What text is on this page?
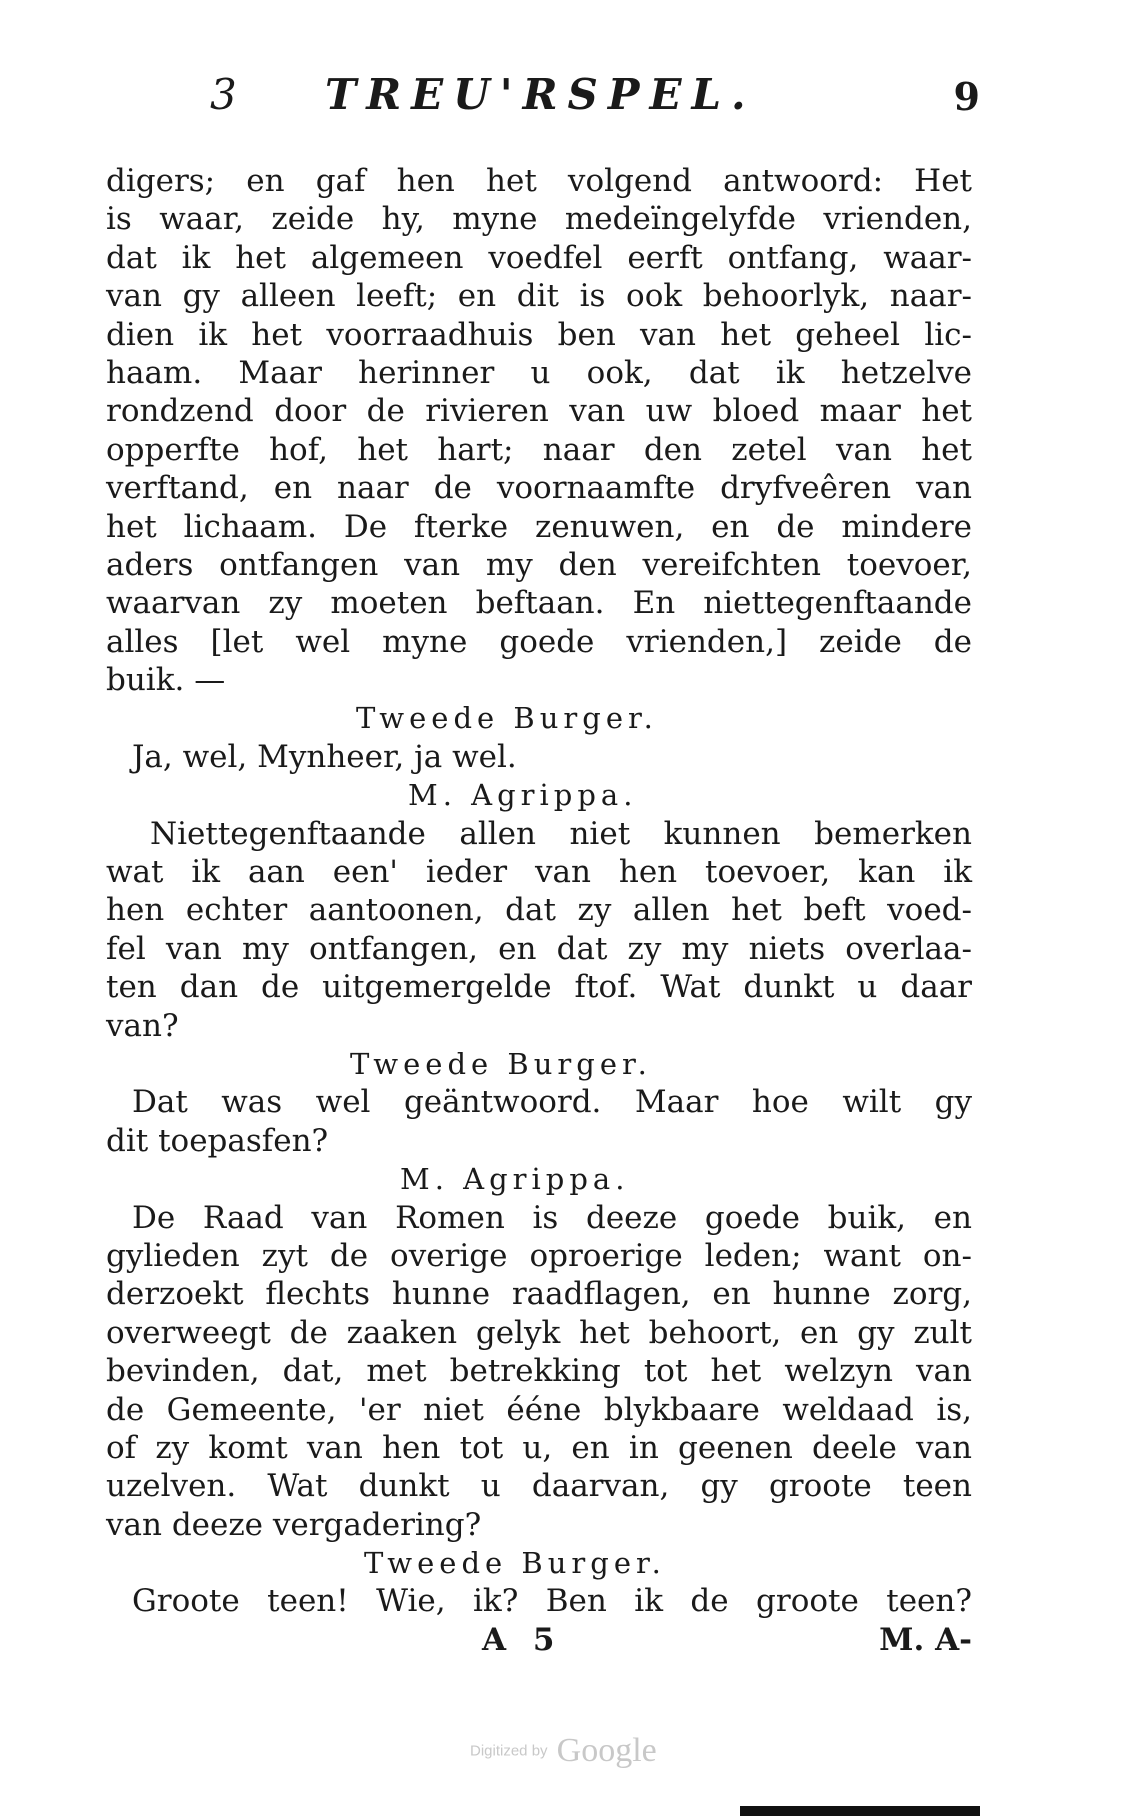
3 TREU'RSPEL.	9
digers; en gaf hen het volgend antwoord: Het
is waar, zeide hy, myne medeïngelyfde vrienden,
dat ik het algemeen voedfel eerft ontfang, waar-
van gy alleen leeft; en dit is ook behoorlyk, naar-
dien ik het voorraadhuis ben van het geheel lic-
haam. Maar herinner u ook, dat ik hetzelve
rondzend door de rivieren van uw bloed maar het
opperfte hof, het hart; naar den zetel van het
verftand, en naar de voornaamfte dryfveêren van
het lichaam. De fterke zenuwen, en de mindere
aders ontfangen van my den vereifchten toevoer,
waarvan zy moeten beftaan. En niettegenftaande
alles [let wel myne goede vrienden,] zeide de
buik. —
Tweede Burger.
Ja, wel, Mynheer, ja wel.
M. Agrippa.
Niettegenftaande allen niet kunnen bemerken
wat ik aan een' ieder van hen toevoer, kan ik
hen echter aantoonen, dat zy allen het beft voed-
fel van my ontfangen, en dat zy my niets overlaa-
ten dan de uitgemergelde ftof. Wat dunkt u daar
van?
Tweede Burger.
Dat was wel geäntwoord. Maar hoe wilt gy
dit toepasfen?
M. Agrippa.
De Raad van Romen is deeze goede buik, en
gylieden zyt de overige oproerige leden; want on-
derzoekt flechts hunne raadflagen, en hunne zorg,
overweegt de zaaken gelyk het behoort, en gy zult
bevinden, dat, met betrekking tot het welzyn van
de Gemeente, 'er niet ééne blykbaare weldaad is,
of zy komt van hen tot u, en in geenen deele van
uzelven. Wat dunkt u daarvan, gy groote teen
van deeze vergadering?
Tweede Burger.
Groote teen! Wie, ik? Ben ik de groote teen?
A 5	M. A-
Digitized by Google
